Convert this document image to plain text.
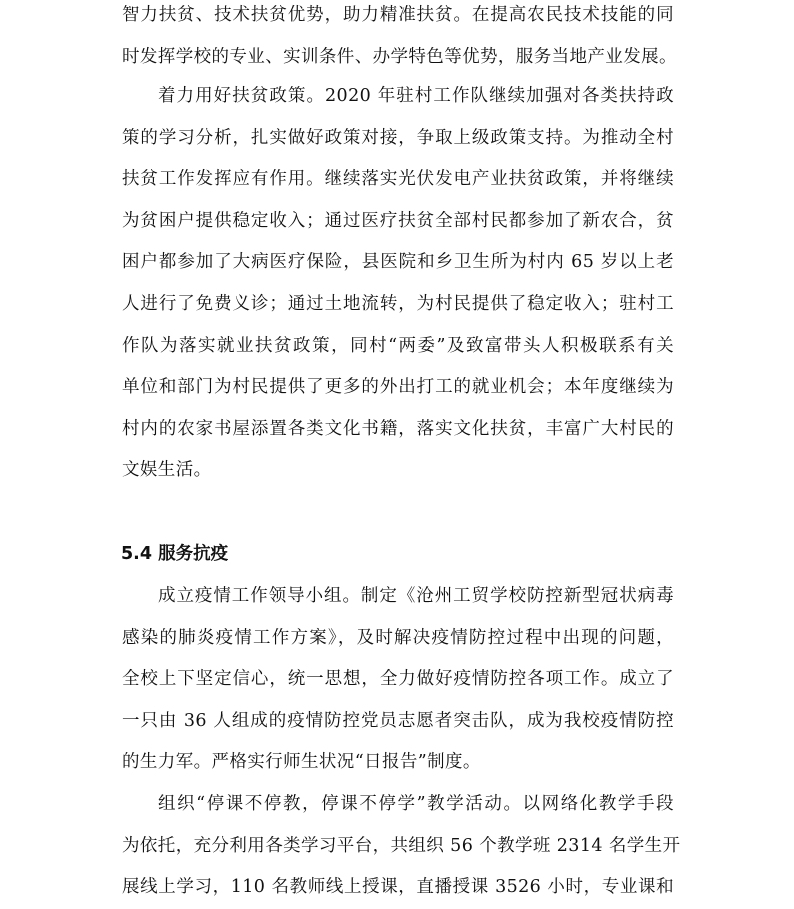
智力扶贫、技术扶贫优势，助力精准扶贫。在提高农民技术技能的同
时发挥学校的专业、实训条件、办学特色等优势，服务当地产业发展。
着力用好扶贫政策。2020 年驻村工作队继续加强对各类扶持政
策的学习分析，扎实做好政策对接，争取上级政策支持。为推动全村
扶贫工作发挥应有作用。继续落实光伏发电产业扶贫政策，并将继续
为贫困户提供稳定收入；通过医疗扶贫全部村民都参加了新农合，贫
困户都参加了大病医疗保险，县医院和乡卫生所为村内 65 岁以上老
人进行了免费义诊；通过土地流转，为村民提供了稳定收入；驻村工
作队为落实就业扶贫政策，同村“两委”及致富带头人积极联系有关
单位和部门为村民提供了更多的外出打工的就业机会；本年度继续为
村内的农家书屋添置各类文化书籍，落实文化扶贫，丰富广大村民的
文娱生活。
5.4 服务抗疫
成立疫情工作领导小组。制定《沧州工贸学校防控新型冠状病毒
感染的肺炎疫情工作方案》，及时解决疫情防控过程中出现的问题，
全校上下坚定信心，统一思想，全力做好疫情防控各项工作。成立了
一只由 36 人组成的疫情防控党员志愿者突击队，成为我校疫情防控
的生力军。严格实行师生状况“日报告”制度。
组织“停课不停教，停课不停学”教学活动。以网络化教学手段
为依托，充分利用各类学习平台，共组织 56 个教学班 2314 名学生开
展线上学习，110 名教师线上授课，直播授课 3526 小时，专业课和
